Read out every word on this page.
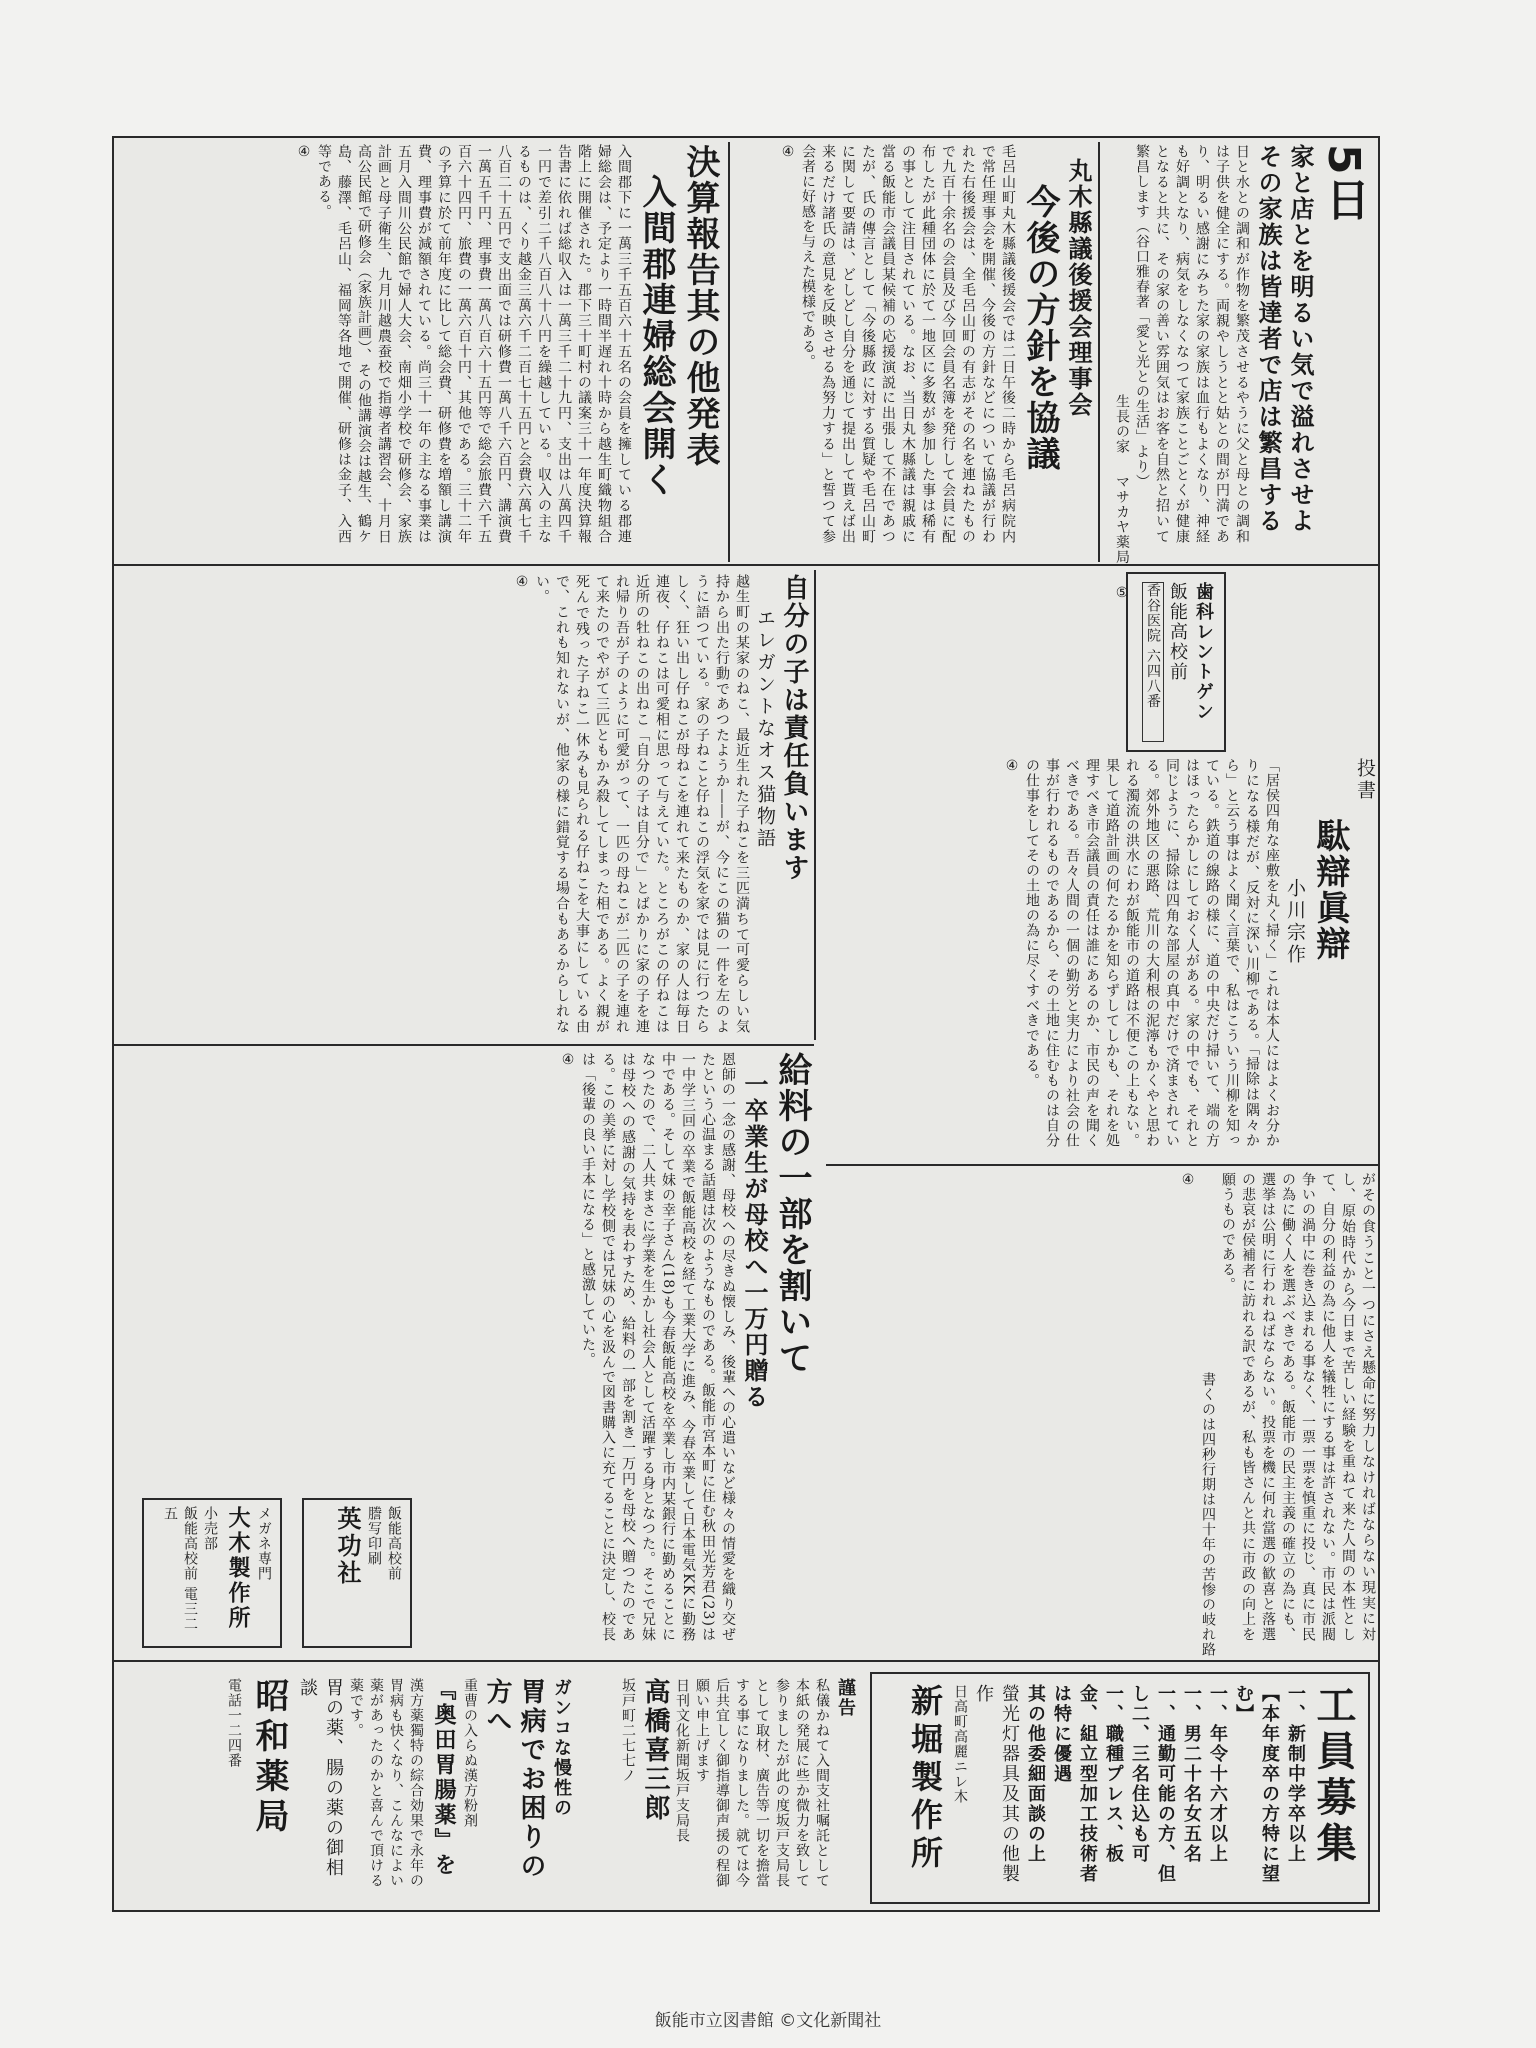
5日
家と店とを明るい気で溢れさせよ　その家族は皆達者で店は繁昌する
日と水との調和が作物を繁茂させるやうに父と母との調和は子供を健全にする。両親やしうとと姑との間が円満であり、明るい感謝にみちた家の家族は血行もよくなり、神経も好調となり、病気をしなくなつて家族ことごとくが健康となると共に、その家の善い雰囲気はお客を自然と招いて繁昌します（谷口雅春著「愛と光との生活」より）
生長の家　 マサカヤ薬局　 ⑤
丸木縣議後援会理事会
今後の方針を協議
毛呂山町丸木縣議後援会では二日午後二時から毛呂病院内で常任理事会を開催、今後の方針などについて協議が行われた右後援会は、全毛呂山町の有志がその名を連ねたもので九百十余名の会員及び今回会員名簿を発行して会員に配布したが此種団体に於て一地区に多数が参加した事は稀有の事として注目されている。なお、当日丸木縣議は親戚に當る飯能市会議員某候補の応援演説に出張して不在であつたが、氏の傳言として「今後縣政に対する質疑や毛呂山町に関して要請は、どしどし自分を通じて提出して貰えば出来るだけ諸氏の意見を反映させる為努力する」と誓つて参会者に好感を与えた模様である。
④
決算報告其の他発表
入間郡連婦総会開く
入間郡下に一萬三千五百六十五名の会員を擁している郡連婦総会は、予定より一時間半遅れ十時から越生町織物組合階上に開催された。郡下三十町村の議案三十一年度決算報告書に依れば総収入は一萬三千二十九円、支出は八萬四千一円で差引二千八百八十八円を繰越している。収入の主なるものは、くり越金三萬六千二百七十五円と会費六萬七千八百二十五円で支出面では研修費一萬八千六百円、講演費一萬五千円、理事費一萬八百六十五円等で総会旅費六千五百六十四円、旅費の一萬六百十円、其他である。三十二年の予算に於て前年度に比して総会費、研修費を増額し講演費、理事費が減額されている。尚三十一年の主なる事業は五月入間川公民館で婦人大会、南畑小学校で研修会、家族計画と母子衛生、九月川越農蚕校で指導者講習会、十月日高公民館で研修会（家族計画）、その他講演会は越生、鶴ケ島、藤澤、毛呂山、福岡等各地で開催、研修は金子、入西等である。
④
歯科レントゲン
飯能高校前
香谷医院 六四八番
自分の子は責任負います
エレガントなオス猫物語
越生町の某家のねこ、最近生れた子ねこを三匹満ちて可愛らしい気持から出た行動であつたようか――が、今にこの猫の一件を左のように語つている。家の子ねこと仔ねこの浮気を家では見に行つたらしく、狂い出し仔ねこが母ねこを連れて来たものか、家の人は毎日連夜、仔ねこは可愛相に思って与えていた。ところがこの仔ねこは近所の牡ねこの出ねこ「自分の子は自分で」とばかりに家の子を連れ帰り吾が子のように可愛がって、一匹の母ねこが二匹の子を連れて来たのでやがて三匹ともかみ殺してしまった相である。よく親が死んで残った子ねこ一休みも見られる仔ねこを大事にしている由で、これも知れないが、他家の様に錯覚する場合もあるからしれない。
④
投書
駄辯眞辯
小川宗作
「居侯四角な座敷を丸く掃く」これは本人にはよくお分かりになる様だが、反対に深い川柳である。「掃除は隅々から」と云う事はよく聞く言葉で、私はこういう川柳を知っている。鉄道の線路の様に、道の中央だけ掃いて、端の方はほったらかしにしておく人がある。家の中でも、それと同じように、掃除は四角な部屋の真中だけで済まされている。郊外地区の悪路、荒川の大利根の泥濘もかくやと思われる濁流の洪水にわが飯能市の道路は不便この上もない。果して道路計画の何たるかを知らずしてしかも、それを処理すべき市会議員の責任は誰にあるのか、市民の声を聞くべきである。吾々人間の一個の勤労と実力により社会の仕事が行われるものであるから、その土地に住むものは自分の仕事をしてその土地の為に尽くすべきである。
④
がその食うこと一つにさえ懸命に努力しなければならない現実に対し、原始時代から今日まで苦しい経験を重ねて来た人間の本性として、自分の利益の為に他人を犠牲にする事は許されない。市民は派閥争いの渦中に巻き込まれる事なく、一票一票を慎重に投じ、真に市民の為に働く人を選ぶべきである。飯能市の民主主義の確立の為にも、選挙は公明に行われねばならない。投票を機に何れ當選の歓喜と落選の悲哀が侯補者に訪れる訳であるが、私も皆さんと共に市政の向上を願うものである。
書くのは四秒行期は四十年の苦惨の岐れ路
④
給料の一部を割いて
一卒業生が母校へ一万円贈る
恩師の一念の感謝、母校への尽きぬ懐しみ、後輩への心遣いなど様々の情愛を織り交ぜたという心温まる話題は次のようなものである。飯能市宮本町に住む秋田光芳君(23)は一中学三回の卒業で飯能高校を経て工業大学に進み、今春卒業して日本電気KKに勤務中である。そして妹の幸子さん(18)も今春飯能高校を卒業し市内某銀行に勤めることになつたので、二人共まさに学業を生かし社会人として活躍する身となつた。そこで兄妹は母校への感謝の気持を表わすため、給料の一部を割き一万円を母校へ贈つたのである。この美挙に対し学校側では兄妹の心を汲んで図書購入に充てることに決定し、校長は「後輩の良い手本になる」と感激していた。
④
メガネ専門
大木製作所
小売部
飯能高校前 電三二五	飯能高校前
謄写印刷
英功社
工員募集
一、新制中学卒以上
【本年度卒の方特に望む】
一、年令十六才以上
一、男二十名女五名
一、通勤可能の方、但し二、三名住込も可
一、職種プレス、板金、組立型加工技術者は特に優遇
其の他委細面談の上
螢光灯器具及其の他製作
日高町高麗ニレ木
新堀製作所
謹告
私儀かねて入間支社嘱託として本紙の発展に些か微力を致して参りましたが此の度坂戸支局長として取材、廣告等一切を擔當する事になりました。就ては今后共宜しく御指導御声援の程御願い申上げます
日刊文化新聞坂戸支局長
高橋喜三郎
坂戸町二七七ノ
ガンコな慢性の
胃病でお困りの方へ
重曹の入らぬ漢方粉剤
『奥田胃腸薬』を
漢方薬獨特の綜合効果で永年の胃病も快くなり、こんなによい薬があったのかと喜んで頂ける薬です。
胃の薬、腸の薬の御相談
昭和薬局
電話一二四番
飯能市立図書館 ©文化新聞社
